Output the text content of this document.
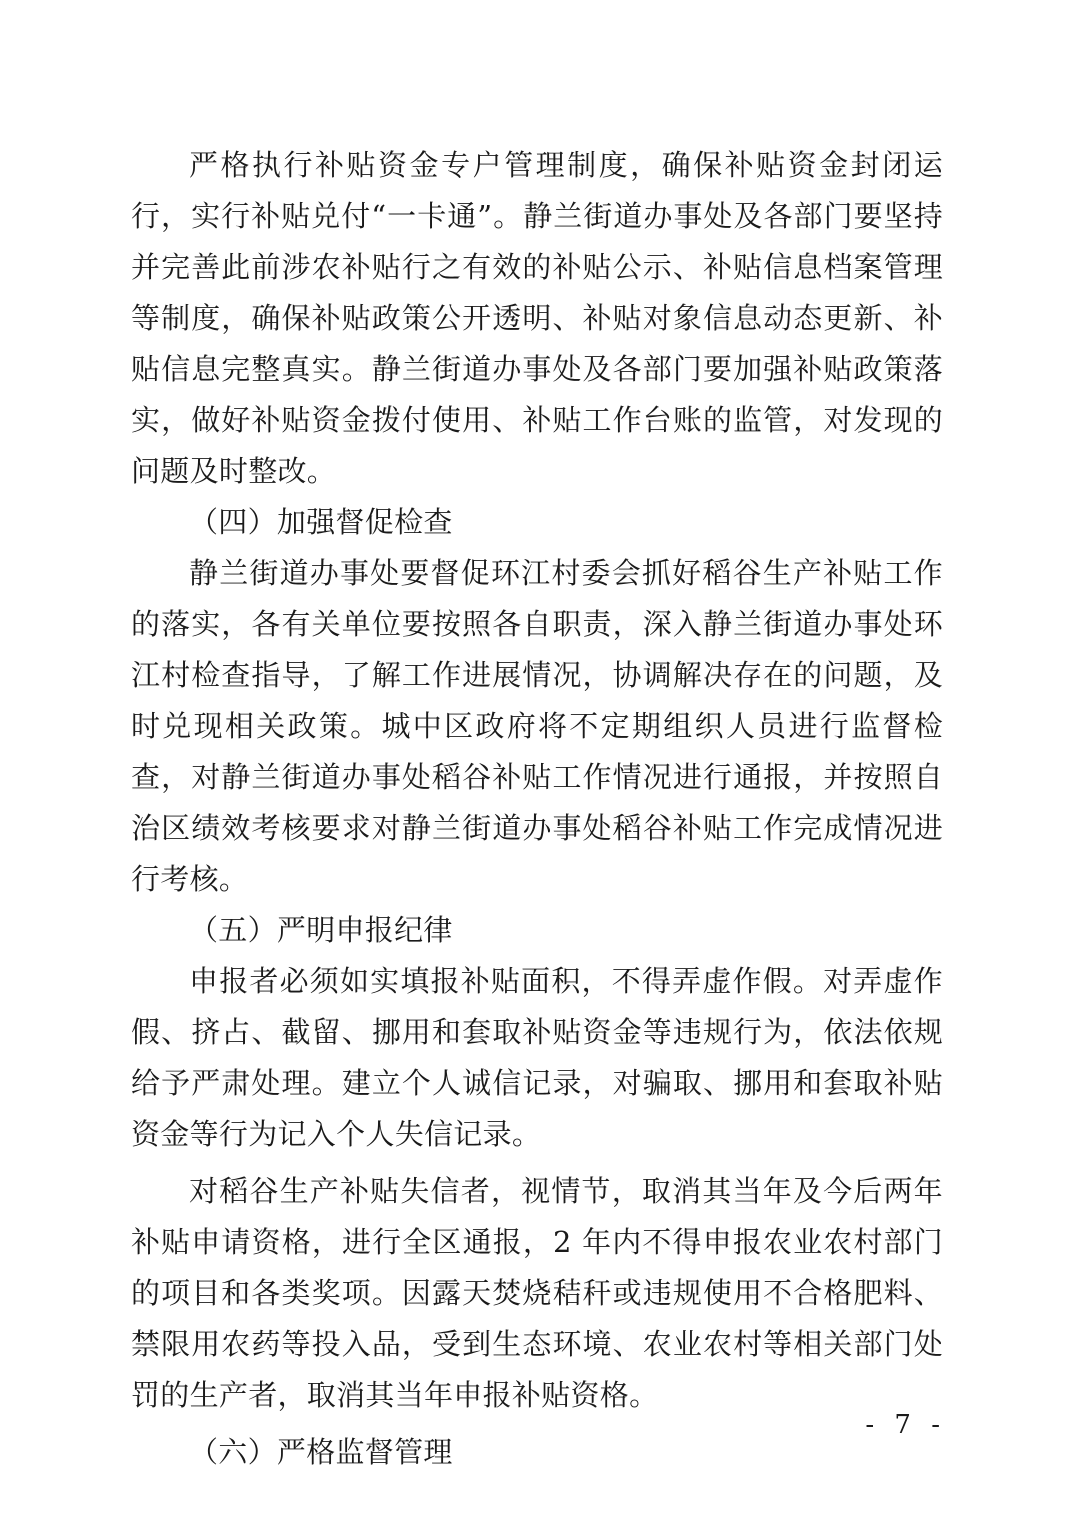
严格执行补贴资金专户管理制度，确保补贴资金封闭运行，实行补贴兑付“一卡通”。静兰街道办事处及各部门要坚持并完善此前涉农补贴行之有效的补贴公示、补贴信息档案管理等制度，确保补贴政策公开透明、补贴对象信息动态更新、补贴信息完整真实。静兰街道办事处及各部门要加强补贴政策落实，做好补贴资金拨付使用、补贴工作台账的监管，对发现的问题及时整改。

（四）加强督促检查

静兰街道办事处要督促环江村委会抓好稻谷生产补贴工作的落实，各有关单位要按照各自职责，深入静兰街道办事处环江村检查指导，了解工作进展情况，协调解决存在的问题，及时兑现相关政策。城中区政府将不定期组织人员进行监督检查，对静兰街道办事处稻谷补贴工作情况进行通报，并按照自治区绩效考核要求对静兰街道办事处稻谷补贴工作完成情况进行考核。

（五）严明申报纪律

申报者必须如实填报补贴面积，不得弄虚作假。对弄虚作假、挤占、截留、挪用和套取补贴资金等违规行为，依法依规给予严肃处理。建立个人诚信记录，对骗取、挪用和套取补贴资金等行为记入个人失信记录。

对稻谷生产补贴失信者，视情节，取消其当年及今后两年补贴申请资格，进行全区通报，2 年内不得申报农业农村部门的项目和各类奖项。因露天焚烧秸秆或违规使用不合格肥料、禁限用农药等投入品，受到生态环境、农业农村等相关部门处罚的生产者，取消其当年申报补贴资格。

（六）严格监督管理

- 7 -
